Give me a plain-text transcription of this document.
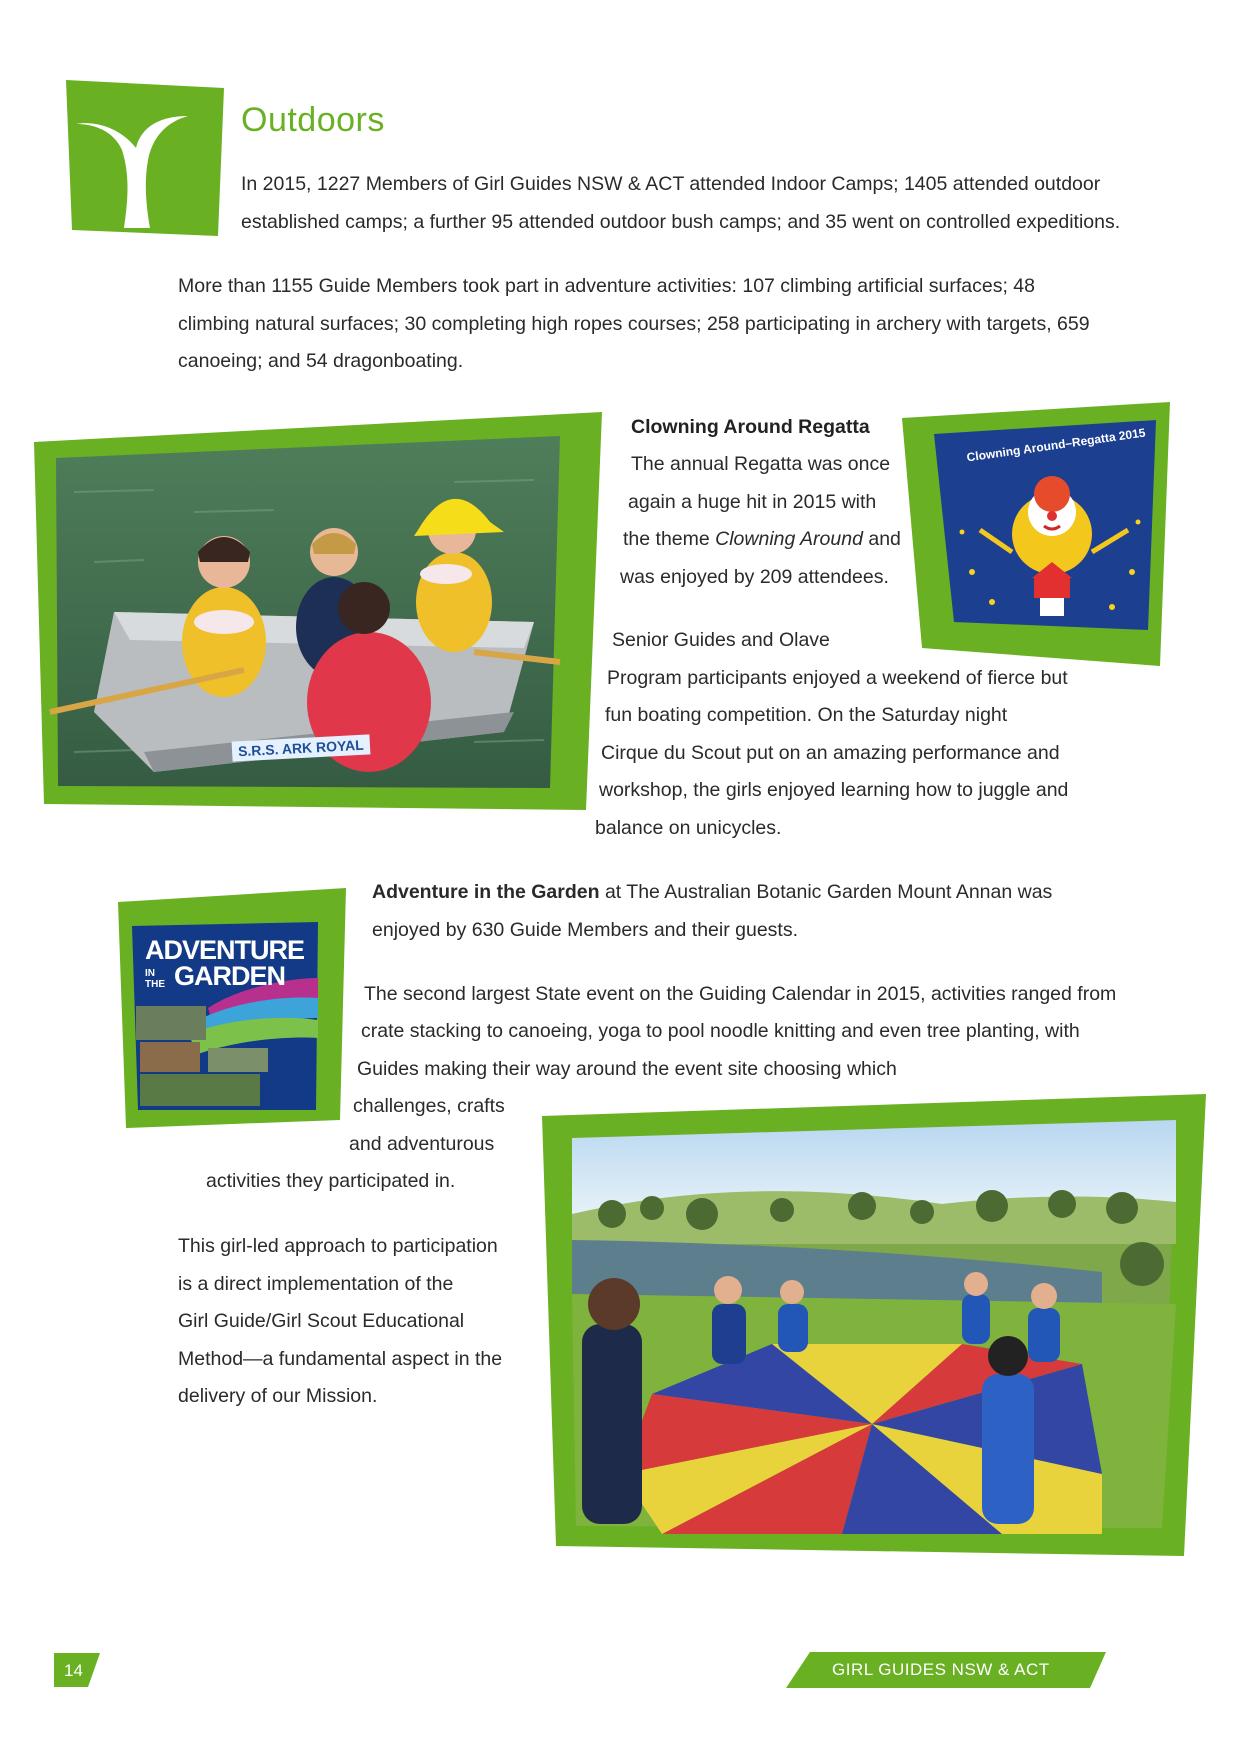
Outdoors

In 2015, 1227 Members of Girl Guides NSW & ACT attended Indoor Camps; 1405 attended outdoor

established camps; a further 95 attended outdoor bush camps; and 35 went on controlled expeditions.

More than 1155 Guide Members took part in adventure activities: 107 climbing artificial surfaces; 48

climbing natural surfaces; 30 completing high ropes courses; 258 participating in archery with targets, 659

canoeing; and 54 dragonboating.

S.R.S. ARK ROYAL
Clowning Around Regatta
The annual Regatta was once
again a huge hit in 2015 with
the theme Clowning Around and
was enjoyed by 209 attendees.
Clowning Around–Regatta 2015
Senior Guides and Olave
Program participants enjoyed a weekend of fierce but
fun boating competition. On the Saturday night
Cirque du Scout put on an amazing performance and
workshop, the girls enjoyed learning how to juggle and
balance on unicycles.
ADVENTURE
IN THE GARDEN
Adventure in the Garden at The Australian Botanic Garden Mount Annan was
enjoyed by 630 Guide Members and their guests.
The second largest State event on the Guiding Calendar in 2015, activities ranged from
crate stacking to canoeing, yoga to pool noodle knitting and even tree planting, with
Guides making their way around the event site choosing which
challenges, crafts
and adventurous
activities they participated in.

This girl-led approach to participation

is a direct implementation of the

Girl Guide/Girl Scout Educational

Method—a fundamental aspect in the

delivery of our Mission.

14	GIRL GUIDES NSW & ACT
